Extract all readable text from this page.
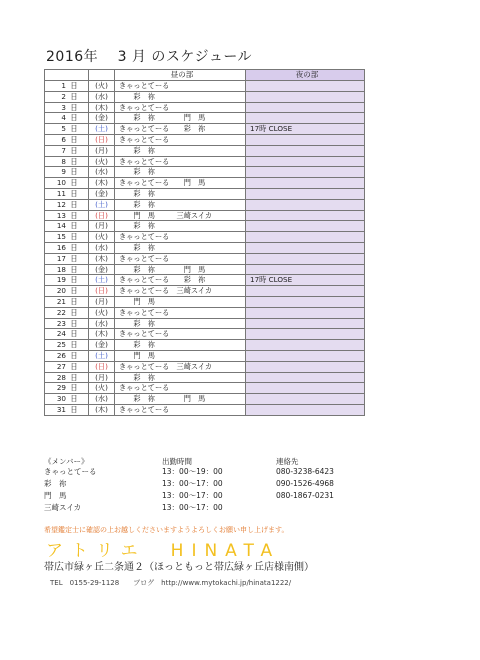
2016年　 3 月 のスケジュール
		昼の部	夜の部
1 日	(火)	きゃっとてーる	
2 日	(水)	　　彩　祢	
3 日	(木)	きゃっとてーる	
4 日	(金)	　　彩　祢　　　　門　馬	
5 日	(土)	きゃっとてーる　　彩　祢	17時 CLOSE
6 日	(日)	きゃっとてーる	
7 日	(月)	　　彩　祢	
8 日	(火)	きゃっとてーる	
9 日	(水)	　　彩　祢	
10 日	(木)	きゃっとてーる　　門　馬	
11 日	(金)	　　彩　祢	
12 日	(土)	　　彩　祢	
13 日	(日)	　　門　馬　　　三崎スイカ	
14 日	(月)	　　彩　祢	
15 日	(火)	きゃっとてーる	
16 日	(水)	　　彩　祢	
17 日	(木)	きゃっとてーる	
18 日	(金)	　　彩　祢　　　　門　馬	
19 日	(土)	きゃっとてーる　　彩　祢	17時 CLOSE
20 日	(日)	きゃっとてーる　三崎スイカ	
21 日	(月)	　　門　馬	
22 日	(火)	きゃっとてーる	
23 日	(水)	　　彩　祢	
24 日	(木)	きゃっとてーる	
25 日	(金)	　　彩　祢	
26 日	(土)	　　門　馬	
27 日	(日)	きゃっとてーる　三崎スイカ	
28 日	(月)	　　彩　祢	
29 日	(火)	きゃっとてーる	
30 日	(水)	　　彩　祢　　　　門　馬	
31 日	(木)	きゃっとてーる	
《メンバー》	出勤時間	連絡先
きゃっとてーる	13：00～19：00	080-3238-6423
彩　祢	13：00～17：00	090-1526-4968
門　馬	13：00～17：00	080-1867-0231
三崎スイカ	13：00～17：00
希望鑑定士に確認の上お越しくださいますようよろしくお願い申し上げます。
アトリエ　HINATA
帯広市緑ヶ丘二条通２（ほっともっと帯広緑ヶ丘店様南側）
TEL　0155-29-1128　　ブログ　http://www.mytokachi.jp/hinata1222/
